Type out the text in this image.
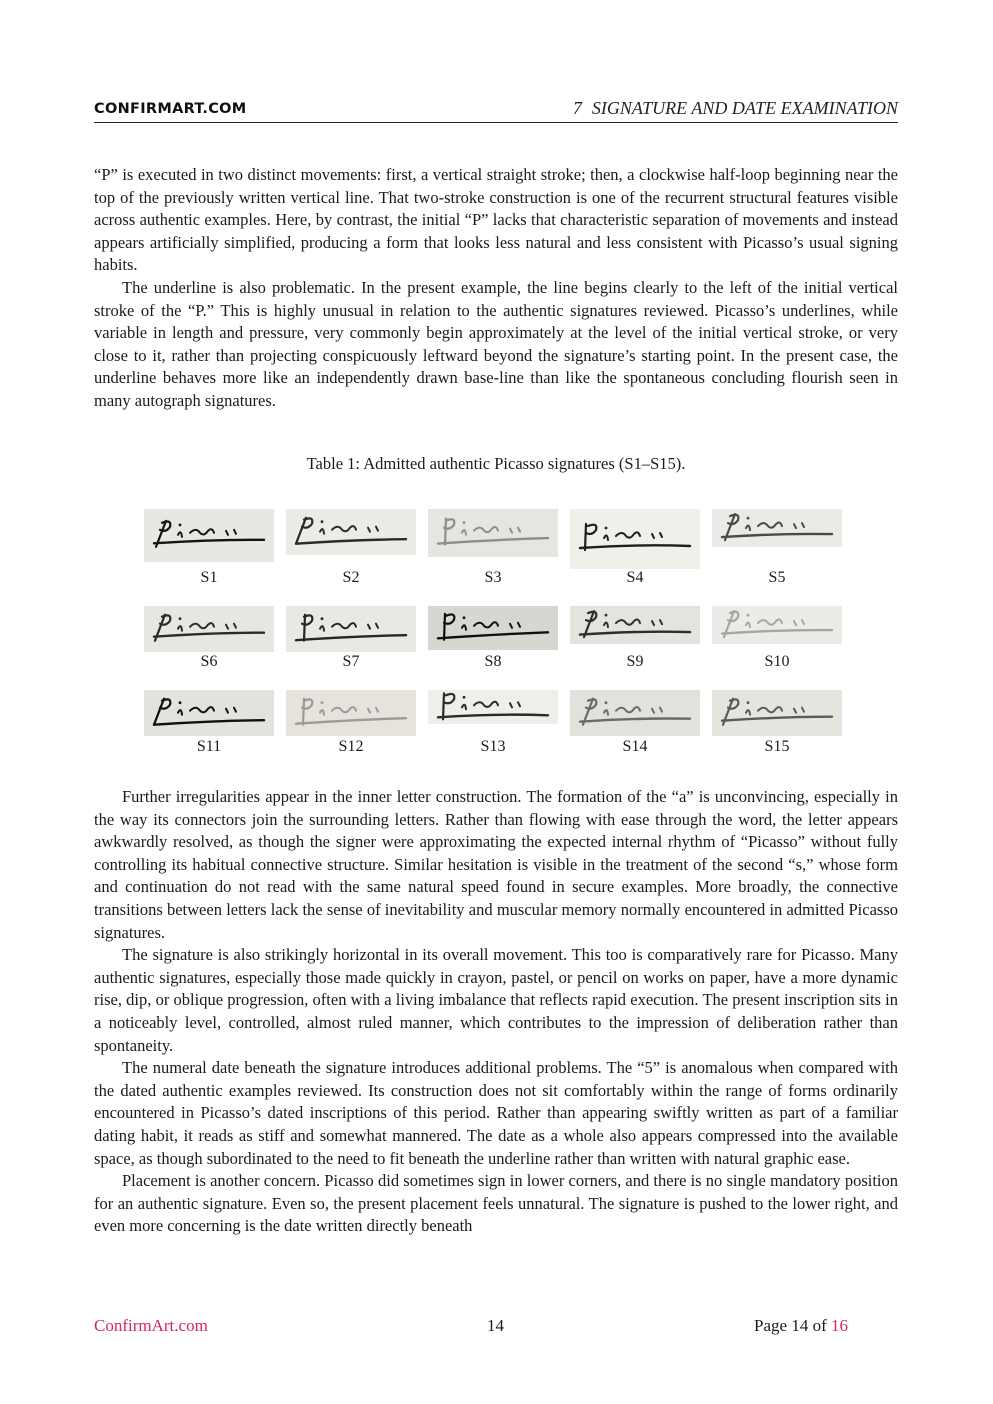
CONFIRMART.COM	7 SIGNATURE AND DATE EXAMINATION

“P” is executed in two distinct movements: first, a vertical straight stroke; then, a clockwise half-loop beginning near the top of the previously written vertical line. That two-stroke construction is one of the recurrent structural features visible across authentic examples. Here, by contrast, the initial “P” lacks that characteristic separation of movements and instead appears artificially simplified, producing a form that looks less natural and less consistent with Picasso’s usual signing habits.

The underline is also problematic. In the present example, the line begins clearly to the left of the initial vertical stroke of the “P.” This is highly unusual in relation to the authentic signatures reviewed. Picasso’s underlines, while variable in length and pressure, very commonly begin approximately at the level of the initial vertical stroke, or very close to it, rather than projecting conspicuously leftward beyond the signature’s starting point. In the present case, the underline behaves more like an independently drawn base-line than like the spontaneous concluding flourish seen in many autograph signatures.

Table 1: Admitted authentic Picasso signatures (S1–S15).
S1	S2	S3	S4	S5
S6	S7	S8	S9	S10
S11	S12	S13	S14	S15

Further irregularities appear in the inner letter construction. The formation of the “a” is unconvincing, especially in the way its connectors join the surrounding letters. Rather than flowing with ease through the word, the letter appears awkwardly resolved, as though the signer were approximating the expected internal rhythm of “Picasso” without fully controlling its habitual connective structure. Similar hesitation is visible in the treatment of the second “s,” whose form and continuation do not read with the same natural speed found in secure examples. More broadly, the connective transitions between letters lack the sense of inevitability and muscular memory normally encountered in admitted Picasso signatures.

The signature is also strikingly horizontal in its overall movement. This too is comparatively rare for Picasso. Many authentic signatures, especially those made quickly in crayon, pastel, or pencil on works on paper, have a more dynamic rise, dip, or oblique progression, often with a living imbalance that reflects rapid execution. The present inscription sits in a noticeably level, controlled, almost ruled manner, which contributes to the impression of deliberation rather than spontaneity.

The numeral date beneath the signature introduces additional problems. The “5” is anomalous when compared with the dated authentic examples reviewed. Its construction does not sit comfortably within the range of forms ordinarily encountered in Picasso’s dated inscriptions of this period. Rather than appearing swiftly written as part of a familiar dating habit, it reads as stiff and somewhat mannered. The date as a whole also appears compressed into the available space, as though subordinated to the need to fit beneath the underline rather than written with natural graphic ease.

Placement is another concern. Picasso did sometimes sign in lower corners, and there is no single mandatory position for an authentic signature. Even so, the present placement feels unnatural. The signature is pushed to the lower right, and even more concerning is the date written directly beneath

ConfirmArt.com	14	Page 14 of 16
